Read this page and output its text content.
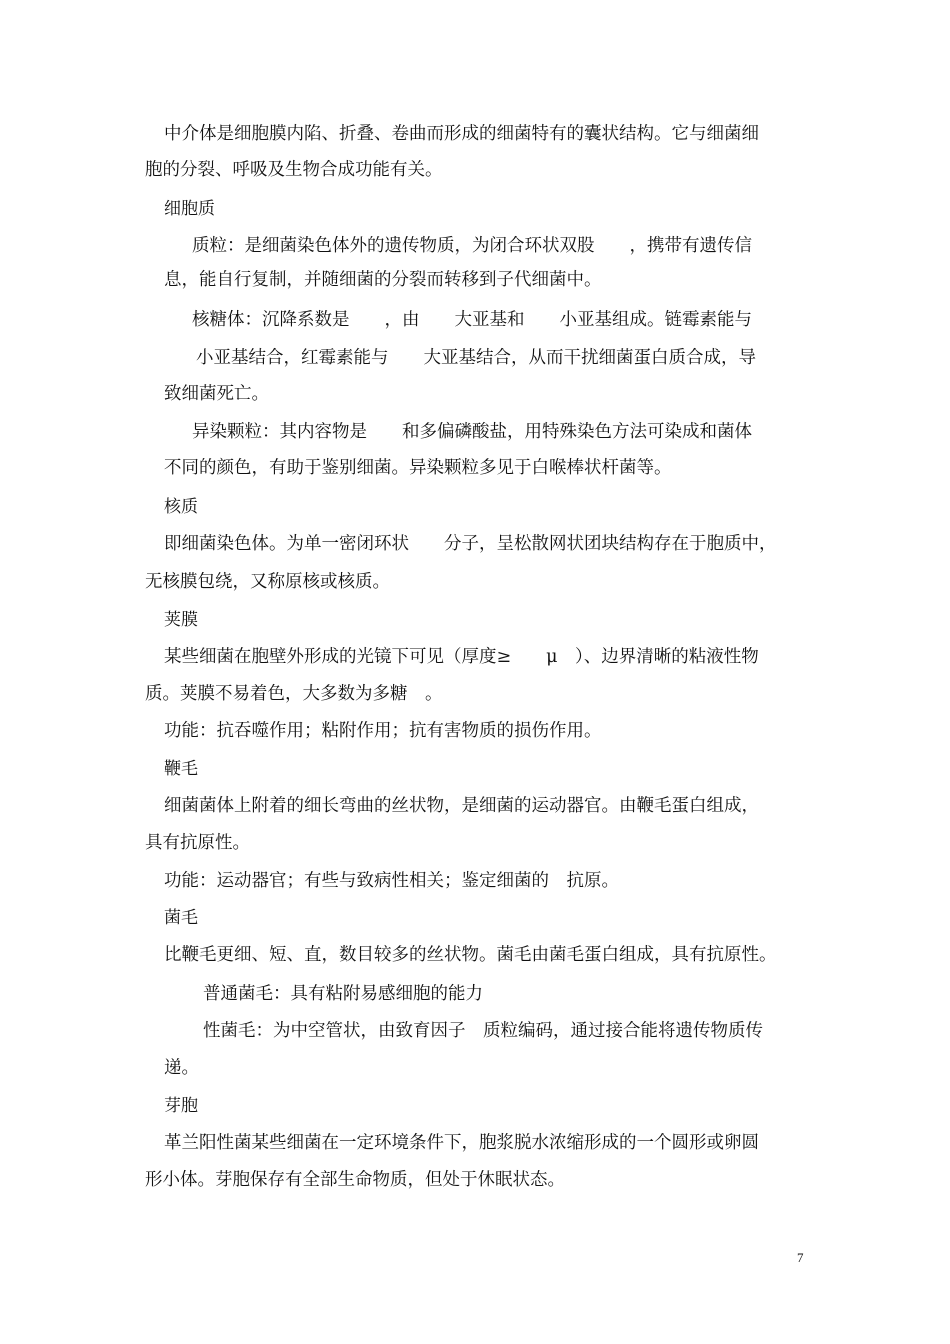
中介体是细胞膜内陷、折叠、卷曲而形成的细菌特有的囊状结构。它与细菌细
胞的分裂、呼吸及生物合成功能有关。
细胞质
质粒：是细菌染色体外的遗传物质，为闭合环状双股　　，携带有遗传信
息，能自行复制，并随细菌的分裂而转移到子代细菌中。
核糖体：沉降系数是　　，由　　大亚基和　　小亚基组成。链霉素能与
小亚基结合，红霉素能与　　大亚基结合，从而干扰细菌蛋白质合成，导
致细菌死亡。
异染颗粒：其内容物是　　和多偏磷酸盐，用特殊染色方法可染成和菌体
不同的颜色，有助于鉴别细菌。异染颗粒多见于白喉棒状杆菌等。
核质
即细菌染色体。为单一密闭环状　　分子，呈松散网状团块结构存在于胞质中，
无核膜包绕，又称原核或核质。
荚膜
某些细菌在胞壁外形成的光镜下可见（厚度≥　　μ　）、边界清晰的粘液性物
质。荚膜不易着色，大多数为多糖　。
功能：抗吞噬作用；粘附作用；抗有害物质的损伤作用。
鞭毛
细菌菌体上附着的细长弯曲的丝状物，是细菌的运动器官。由鞭毛蛋白组成，
具有抗原性。
功能：运动器官；有些与致病性相关；鉴定细菌的　抗原。
菌毛
比鞭毛更细、短、直，数目较多的丝状物。菌毛由菌毛蛋白组成，具有抗原性。
普通菌毛：具有粘附易感细胞的能力
性菌毛：为中空管状，由致育因子　质粒编码，通过接合能将遗传物质传
递。
芽胞
革兰阳性菌某些细菌在一定环境条件下，胞浆脱水浓缩形成的一个圆形或卵圆
形小体。芽胞保存有全部生命物质，但处于休眠状态。
7
